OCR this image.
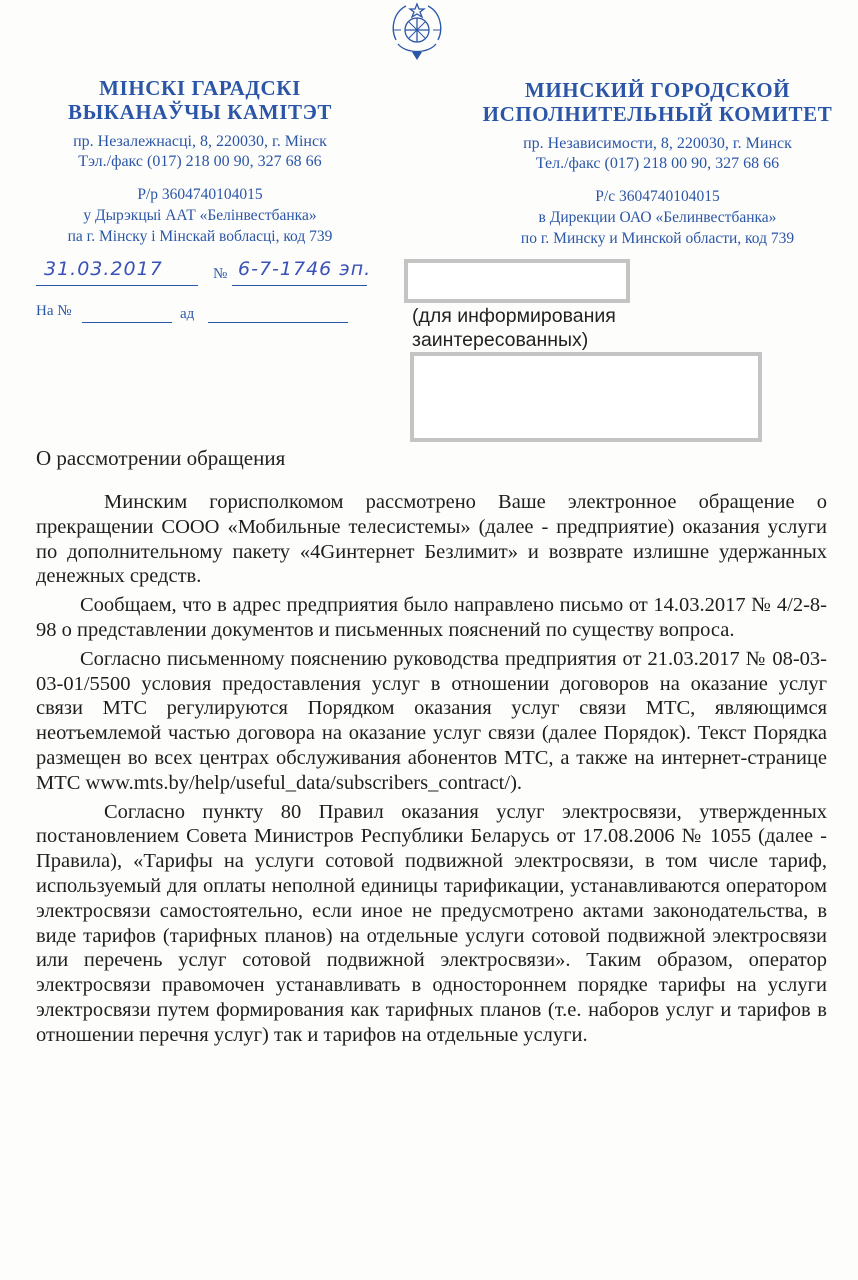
МІНСКІ ГАРАДСКІ
ВЫКАНАЎЧЫ КАМІТЭТ
пр. Незалежнасці, 8, 220030, г. Мінск
Тэл./факс (017) 218 00 90, 327 68 66
Р/р 3604740104015
у Дырэкцыі ААТ «Белінвестбанка»
па г. Мінску і Мінскай вобласці, код 739
МИНСКИЙ ГОРОДСКОЙ
ИСПОЛНИТЕЛЬНЫЙ КОМИТЕТ
пр. Независимости, 8, 220030, г. Минск
Тел./факс (017) 218 00 90, 327 68 66
Р/с 3604740104015
в Дирекции ОАО «Белинвестбанка»
по г. Минску и Минской области, код 739
31.03.2017	№ 6-7-1746 эп.
На №	ад	(для информирования заинтересованных)
О рассмотрении обращения

Минским горисполкомом рассмотрено Ваше электронное обращение о прекращении СООО «Мобильные телесистемы» (далее - предприятие) оказания услуги по дополнительному пакету «4Gинтернет Безлимит» и возврате излишне удержанных денежных средств.

Сообщаем, что в адрес предприятия было направлено письмо от 14.03.2017 № 4/2-8-98 о представлении документов и письменных пояснений по существу вопроса.

Согласно письменному пояснению руководства предприятия от 21.03.2017 № 08-03-03-01/5500 условия предоставления услуг в отношении договоров на оказание услуг связи МТС регулируются Порядком оказания услуг связи МТС, являющимся неотъемлемой частью договора на оказание услуг связи (далее Порядок). Текст Порядка размещен во всех центрах обслуживания абонентов МТС, а также на интернет-странице МТС www.mts.by/help/useful_data/subscribers_contract/).

Согласно пункту 80 Правил оказания услуг электросвязи, утвержденных постановлением Совета Министров Республики Беларусь от 17.08.2006 № 1055 (далее - Правила), «Тарифы на услуги сотовой подвижной электросвязи, в том числе тариф, используемый для оплаты неполной единицы тарификации, устанавливаются оператором электросвязи самостоятельно, если иное не предусмотрено актами законодательства, в виде тарифов (тарифных планов) на отдельные услуги сотовой подвижной электросвязи или перечень услуг сотовой подвижной электросвязи». Таким образом, оператор электросвязи правомочен устанавливать в одностороннем порядке тарифы на услуги электросвязи путем формирования как тарифных планов (т.е. наборов услуг и тарифов в отношении перечня услуг) так и тарифов на отдельные услуги.
